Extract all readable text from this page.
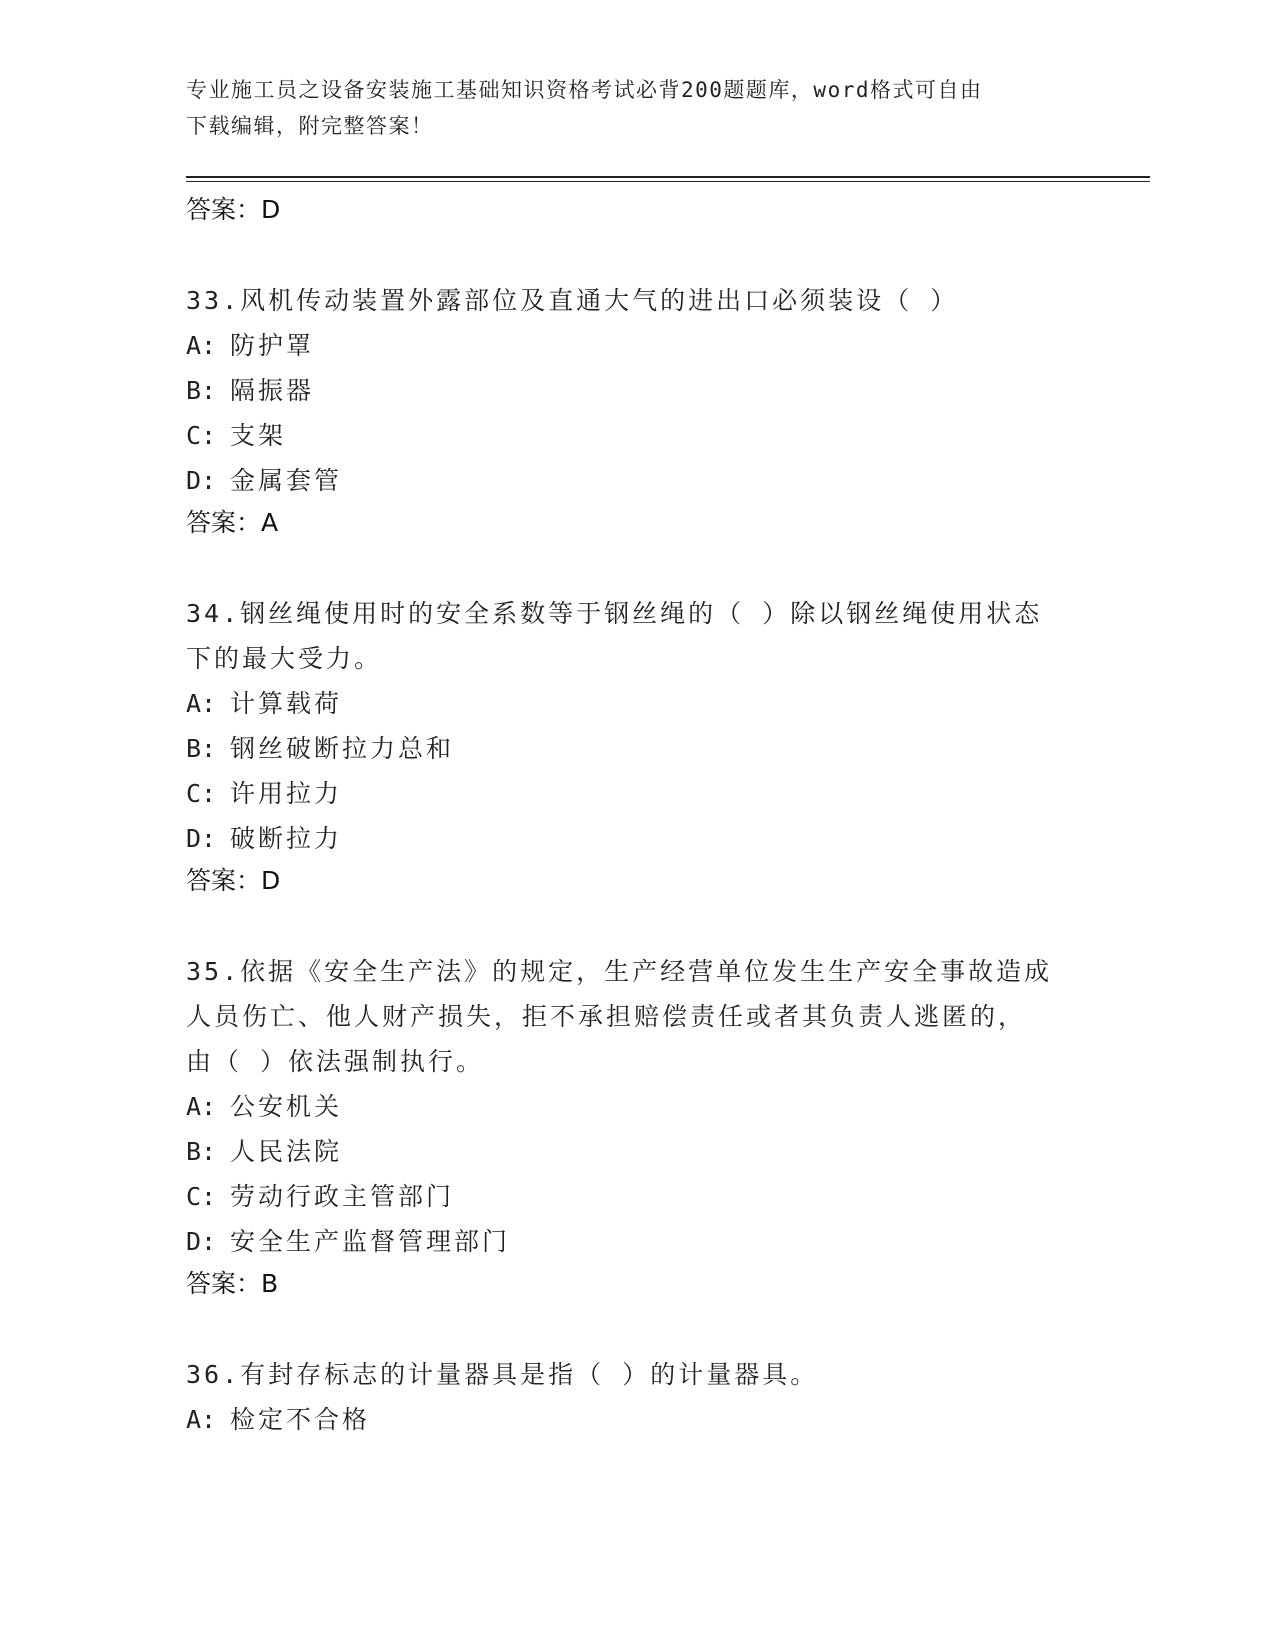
专业施工员之设备安装施工基础知识资格考试必背200题题库，word格式可自由
下载编辑，附完整答案！

答案：D

33.风机传动装置外露部位及直通大气的进出口必须装设（ ）

A: 防护罩
B: 隔振器
C: 支架
D: 金属套管

答案：A

34.钢丝绳使用时的安全系数等于钢丝绳的（ ）除以钢丝绳使用状态

下的最大受力。

A: 计算载荷
B: 钢丝破断拉力总和
C: 许用拉力
D: 破断拉力

答案：D

35.依据《安全生产法》的规定，生产经营单位发生生产安全事故造成

人员伤亡、他人财产损失，拒不承担赔偿责任或者其负责人逃匿的，

由（ ）依法强制执行。

A: 公安机关
B: 人民法院
C: 劳动行政主管部门
D: 安全生产监督管理部门

答案：B

36.有封存标志的计量器具是指（ ）的计量器具。

A: 检定不合格
